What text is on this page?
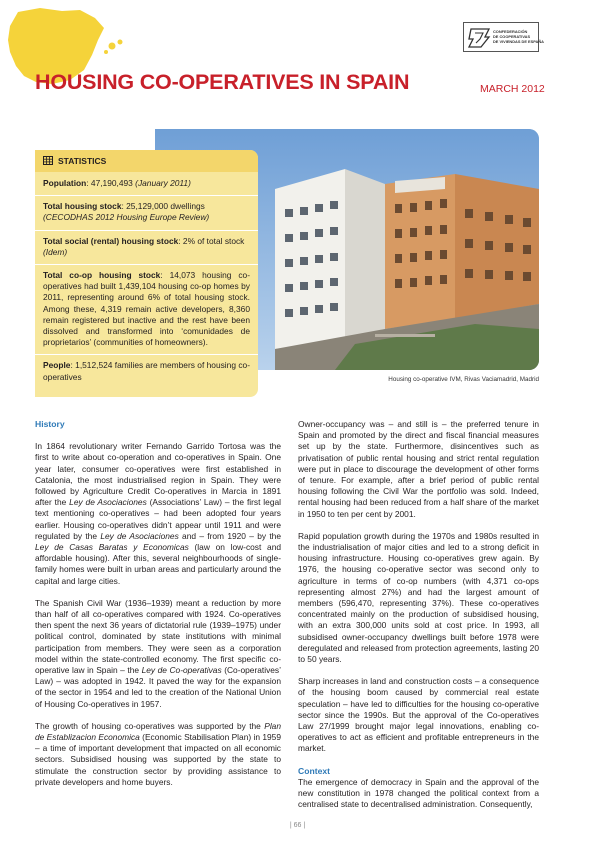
CONFEDERACIÓN
DE COOPERATIVAS
DE VIVIENDAS DE ESPAÑA
HOUSING CO-OPERATIVES IN SPAIN	MARCH 2012
Housing co-operative IVM, Rivas Vaciamadrid, Madrid
STATISTICS
Population: 47,190,493 (January 2011)
Total housing stock: 25,129,000 dwellings
(CECODHAS 2012 Housing Europe Review)
Total social (rental) housing stock: 2% of total stock
(Idem)
Total co-op housing stock: 14,073 housing co-operatives had built 1,439,104 housing co-op homes by 2011, representing around 6% of total housing stock. Among these, 4,319 remain active developers, 8,360 remain registered but inactive and the rest have been dissolved and transformed into ‘comunidades de proprietarios’ (communities of homeowners).
People: 1,512,524 families are members of housing co-operatives
History

In 1864 revolutionary writer Fernando Garrido Tortosa was the first to write about co-operation and co-operatives in Spain. One year later, consumer co-operatives were first established in Catalonia, the most industrialised region in Spain. They were followed by Agriculture Credit Co-operatives in Marcia in 1891 after the Ley de Asociaciones (Associations’ Law) – the first legal text mentioning co-operatives – had been adopted four years earlier. Housing co-operatives didn’t appear until 1911 and were regulated by the Ley de Asociaciones and – from 1920 – by the Ley de Casas Baratas y Economicas (law on low-cost and affordable housing). After this, several neighbourhoods of single-family homes were built in urban areas and particularly around the capital and large cities.

The Spanish Civil War (1936–1939) meant a reduction by more than half of all co-operatives compared with 1924. Co-operatives then spent the next 36 years of dictatorial rule (1939–1975) under political control, dominated by state institutions with minimal participation from members. They were seen as a corporation model within the state-controlled economy. The first specific co-operative law in Spain – the Ley de Co-operativas (Co-operatives’ Law) – was adopted in 1942. It paved the way for the expansion of the sector in 1954 and led to the creation of the National Union of Housing Co-operatives in 1957.

The growth of housing co-operatives was supported by the Plan de Establizacion Economica (Economic Stabilisation Plan) in 1959 – a time of important development that impacted on all economic sectors. Subsidised housing was supported by the state to stimulate the construction sector by providing assistance to private developers and home buyers.

Owner-occupancy was – and still is – the preferred tenure in Spain and promoted by the direct and fiscal financial measures set up by the state. Furthermore, disincentives such as privatisation of public rental housing and strict rental regulation were put in place to discourage the development of other forms of tenure. For example, after a brief period of public rental housing following the Civil War the portfolio was sold. Indeed, rental housing had been reduced from a half share of the market in 1950 to ten per cent by 2001.

Rapid population growth during the 1970s and 1980s resulted in the industrialisation of major cities and led to a strong deficit in housing infrastructure. Housing co-operatives grew again. By 1976, the housing co-operative sector was second only to agriculture in terms of co-op numbers (with 4,371 co-ops representing almost 27%) and had the largest amount of members (596,470, representing 37%). These co-operatives concentrated mainly on the production of subsidised housing, with an extra 300,000 units sold at cost price. In 1993, all subsidised owner-occupancy dwellings built before 1978 were deregulated and released from protection agreements, lasting 20 to 50 years.

Sharp increases in land and construction costs – a consequence of the housing boom caused by commercial real estate speculation – have led to difficulties for the housing co-operative sector since the 1990s. But the approval of the Co-operatives Law 27/1999 brought major legal innovations, enabling co-operatives to act as efficient and profitable entrepreneurs in the market.

Context

The emergence of democracy in Spain and the approval of the new constitution in 1978 changed the political context from a centralised state to decentralised administration. Consequently,

| 66 |
